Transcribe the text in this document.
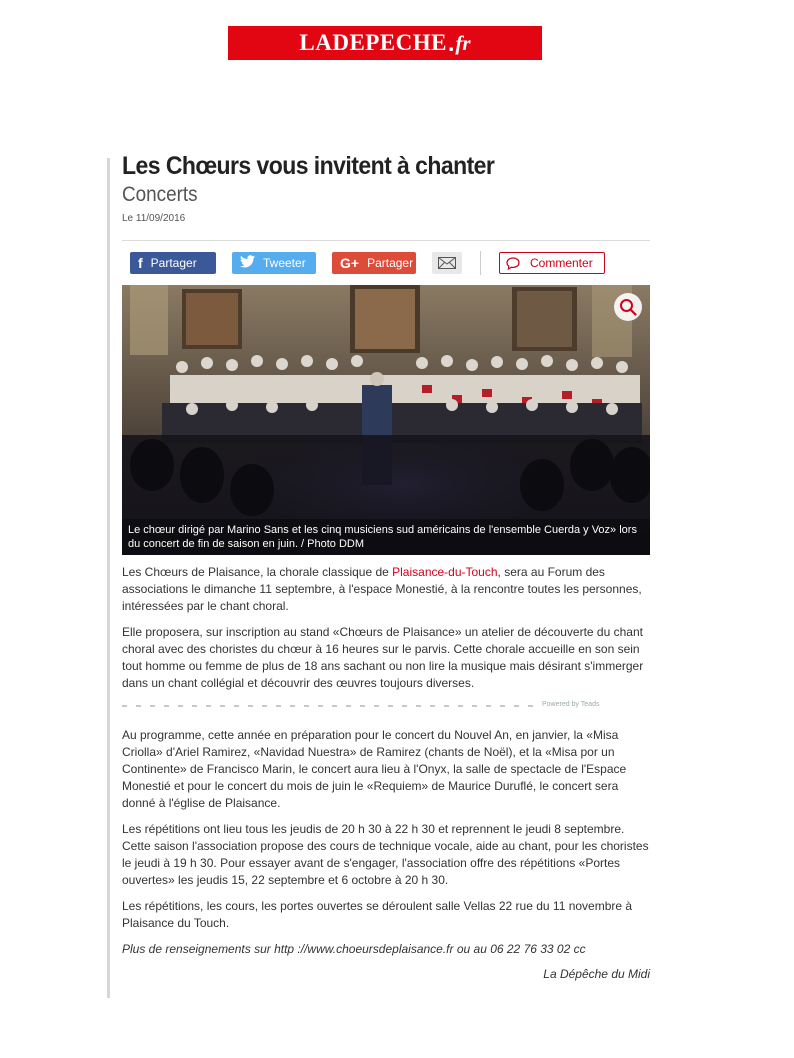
LADEPECHE . fr
Les Chœurs vous invitent à chanter
Concerts
Le 11/09/2016
f Partager	Tweeter G+ Partager	Commenter
Le chœur dirigé par Marino Sans et les cinq musiciens sud américains de l'ensemble Cuerda y Voz» lors du concert de fin de saison en juin. / Photo DDM

Les Chœurs de Plaisance, la chorale classique de Plaisance-du-Touch, sera au Forum des associations le dimanche 11 septembre, à l'espace Monestié, à la rencontre toutes les personnes, intéressées par le chant choral.

Elle proposera, sur inscription au stand «Chœurs de Plaisance» un atelier de découverte du chant choral avec des choristes du chœur à 16 heures sur le parvis. Cette chorale accueille en son sein tout homme ou femme de plus de 18 ans sachant ou non lire la musique mais désirant s'immerger dans un chant collégial et découvrir des œuvres toujours diverses.

Powered by Teads

Au programme, cette année en préparation pour le concert du Nouvel An, en janvier, la «Misa Criolla» d'Ariel Ramirez, «Navidad Nuestra» de Ramirez (chants de Noël), et la «Misa por un Continente» de Francisco Marin, le concert aura lieu à l'Onyx, la salle de spectacle de l'Espace Monestié et pour le concert du mois de juin le «Requiem» de Maurice Duruflé, le concert sera donné à l'église de Plaisance.

Les répétitions ont lieu tous les jeudis de 20 h 30 à 22 h 30 et reprennent le jeudi 8 septembre. Cette saison l'association propose des cours de technique vocale, aide au chant, pour les choristes le jeudi à 19 h 30. Pour essayer avant de s'engager, l'association offre des répétitions «Portes ouvertes» les jeudis 15, 22 septembre et 6 octobre à 20 h 30.

Les répétitions, les cours, les portes ouvertes se déroulent salle Vellas 22 rue du 11 novembre à Plaisance du Touch.

Plus de renseignements sur http ://www.choeursdeplaisance.fr ou au 06 22 76 33 02 cc

La Dépêche du Midi
